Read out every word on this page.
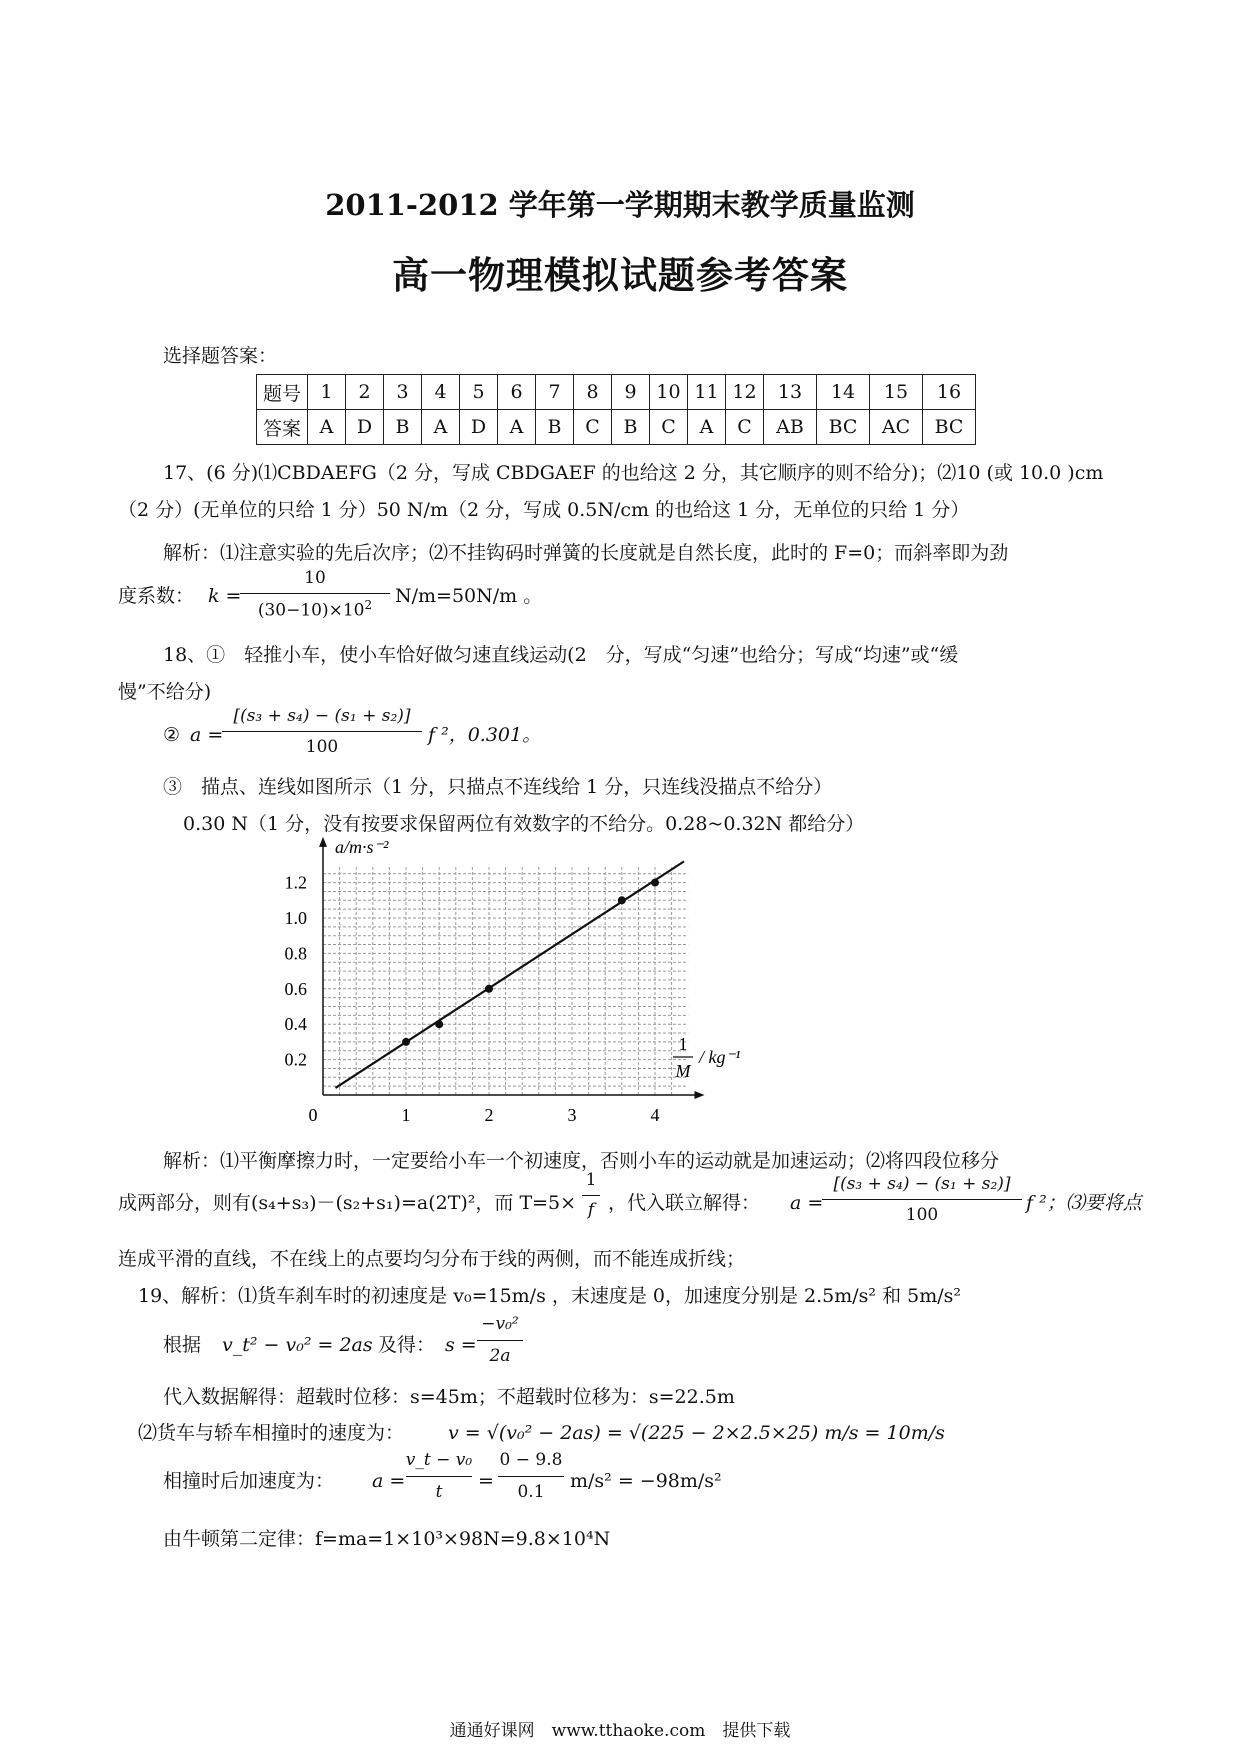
2011-2012 学年第一学期期末教学质量监测
高一物理模拟试题参考答案
选择题答案：
题号	1	2	3	4	5	6	7	8	9	10	11	12	13	14	15	16
答案	A	D	B	A	D	A	B	C	B	C	A	C	AB	BC	AC	BC
17、(6 分)⑴CBDAEFG（2 分，写成 CBDGAEF 的也给这 2 分，其它顺序的则不给分)；⑵10 (或 10.0 )cm
（2 分）(无单位的只给 1 分）50 N/m（2 分，写成 0.5N/cm 的也给这 1 分，无单位的只给 1 分）
解析：⑴注意实验的先后次序；⑵不挂钩码时弹簧的长度就是自然长度，此时的 F=0；而斜率即为劲
度系数： k =
10
$(30-10)\times 10^2$	N/m=50N/m 。
18、①　轻推小车，使小车恰好做匀速直线运动(2　分，写成“匀速”也给分；写成“均速”或“缓
慢”不给分)
② a =
[(s₃ + s₄) − (s₁ + s₂)]
100
f ²，0.301。
③　描点、连线如图所示（1 分，只描点不连线给 1 分，只连线没描点不给分）
0.30 N（1 分，没有按要求保留两位有效数字的不给分。0.28~0.32N 都给分）
1	2	3	4
0.2
0.4
0.6
0.8
1.0
1.2
0
a/m·s⁻²
1
M
/ kg⁻¹
解析：⑴平衡摩擦力时，一定要给小车一个初速度，否则小车的运动就是加速运动；⑵将四段位移分
成两部分，则有(s₄+s₃)－(s₂+s₁)=a(2T)²，而 T=5×
1
f ，代入联立解得： a =
[(s₃ + s₄) − (s₁ + s₂)]
100
f ²；⑶要将点
连成平滑的直线，不在线上的点要均匀分布于线的两侧，而不能连成折线；
19、解析：⑴货车刹车时的初速度是 v₀=15m/s ，末速度是 0，加速度分别是 2.5m/s² 和 5m/s²
根据 v_t² − v₀² = 2as 及得： s =
−v₀²
2a
代入数据解得：超载时位移：s=45m；不超载时位移为：s=22.5m
⑵货车与轿车相撞时的速度为： v = √(v₀² − 2as) = √(225 − 2×2.5×25) m/s = 10m/s
相撞时后加速度为： a =
v_t − v₀
t	=
0 − 9.8
0.1	m/s² = −98m/s²
由牛顿第二定律：f=ma=1×10³×98N=9.8×10⁴N
通通好课网　www.tthaoke.com　提供下载
